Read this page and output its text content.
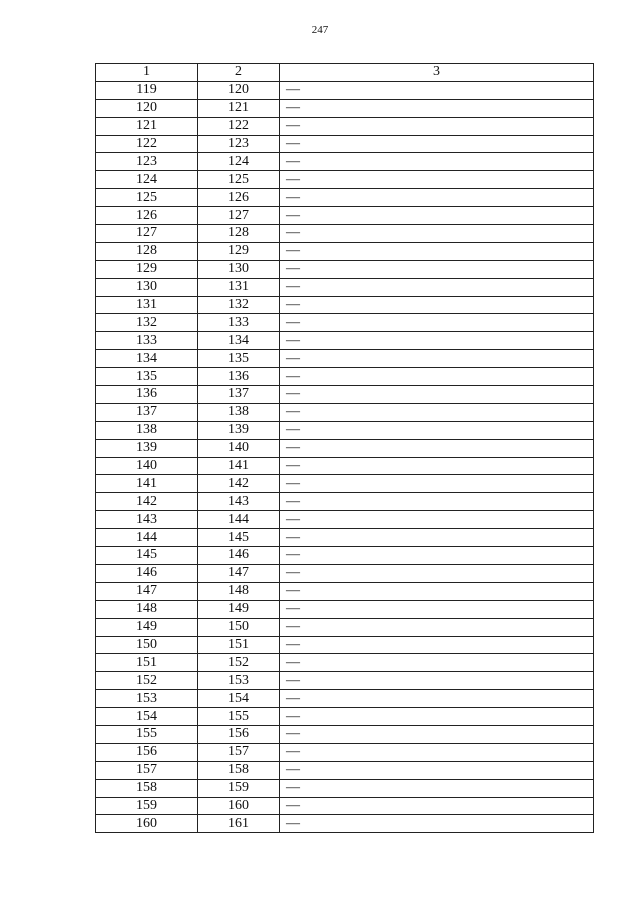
247
1	2	3
119	120	—
120	121	—
121	122	—
122	123	—
123	124	—
124	125	—
125	126	—
126	127	—
127	128	—
128	129	—
129	130	—
130	131	—
131	132	—
132	133	—
133	134	—
134	135	—
135	136	—
136	137	—
137	138	—
138	139	—
139	140	—
140	141	—
141	142	—
142	143	—
143	144	—
144	145	—
145	146	—
146	147	—
147	148	—
148	149	—
149	150	—
150	151	—
151	152	—
152	153	—
153	154	—
154	155	—
155	156	—
156	157	—
157	158	—
158	159	—
159	160	—
160	161	—
